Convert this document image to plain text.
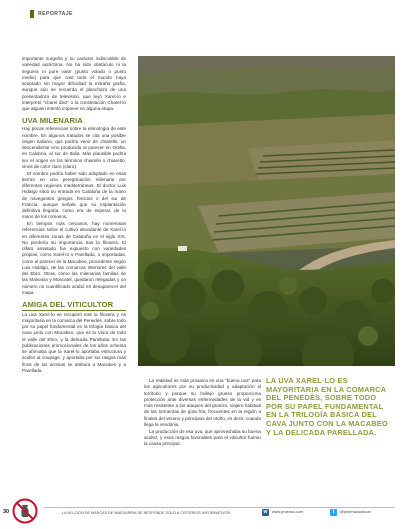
REPORTAJE

importante surgeña y su carácter indiscutible de variedad autóctona. No ha sido obstáculo ni la seguera ni pure valor (punto volado o punto medio) para que cast todo el mundo haya aceptado sin mayor dificultad la extraña grafía, aunque aún se recuerda el planchazo de una presentadora de televisión, que leyó Xarel·lo e interpretó "charel diez" o la constelación Charel·lo que alguien intentó imponer en alguna etapa.

UVA MILENARIA

Hay pocas referencias sobre la etimología de este nombre. En algunos tratados se cita una posible origen italiano, que podría venir de chiarello, un descendiente vino producido al parecer en Orella, en Calabria, al sur de Italia. Más plausible podría ser el origen en los términos chiarello o chiaretto, vinos de color claro (claro).

El nombre podría haber sido adoptado en esas tierras en una peregrinación milenaria por diferentes regiones mediterráneas. El doctor Luis Hidalgo situó su entrada en Cataluña de la mano de navegantes griegos, fenicios o del sur de Francia, aunque señala que su implantación definitiva llegaría, como era de esperar, de la mano de los romanos.

En tiempos más cercanos, hay numerosas referencias sobre el cultivo abundante de Xarel·lo en diferentes zonas de Cataluña en el siglo XIX. No perdería su importancia tras la filoxera. El olfato amasado fue expuesto con variedades propias, como Xarel·lo o Parellada, o importadas, como al parecer es la Macabeo, procedente según Luis Hidalgo, de las comarcas interiores del valle del Ebro. Otras, como las milenarias familias de las Malvasía y Moscatel, quedaron relegadas y un número no cuantificado acabó en desaparecer del mapa.

AMIGA DEL VITICULTOR

La uva Xarel·lo se recuperó tras la filoxera y es mayoritaria en la comarca del Penedès, sobre todo por su papel fundamental en la trilogía básica del cava junto con Macabeo, que es la Viura de todo el valle del Ebro, y la delicada Parellada. En las publicaciones promocionales de los años ochenta se afirmaba que la Xarel·lo aportaba estructura y acidez al coupage, y aportaba por los rasgos más finos de los aromas se atribuía a Macabeo y a Parellada.

La realidad es más prosaica es una "buena uva" para los agricultores por su productividad y adaptación al territorio y porque su hollejo grueso proporciona protección ante diversas enfermedades de la vid y es más resistente a los ataques del granizo, viajero habitual de las tormentas de gota fría, frecuentes en la región a finales del verano y principios del otoño, es decir, cuando llega la vendimia.

La producción de esa uva, que aprovechaba su buena acidez, y esos rasgos favorables para el viticultor fueron la causa principal.

LA UVA XAREL·LO ES MAYORITARIA EN LA COMARCA DEL PENEDÈS, SOBRE TODO POR SU PAPEL FUNDAMENTAL EN LA TRILOGÍA BÁSICA DEL CAVA JUNTO CON LA MACABEO Y LA DELICADA PARELLADA.
30	LA NO-CIÓN DE MARCAS DE MAESARRIA SE RESPONDE SÓLO A CRITERIOS INFORMATIVOS	w	www.proensa.com	t	@proensaupitcom
